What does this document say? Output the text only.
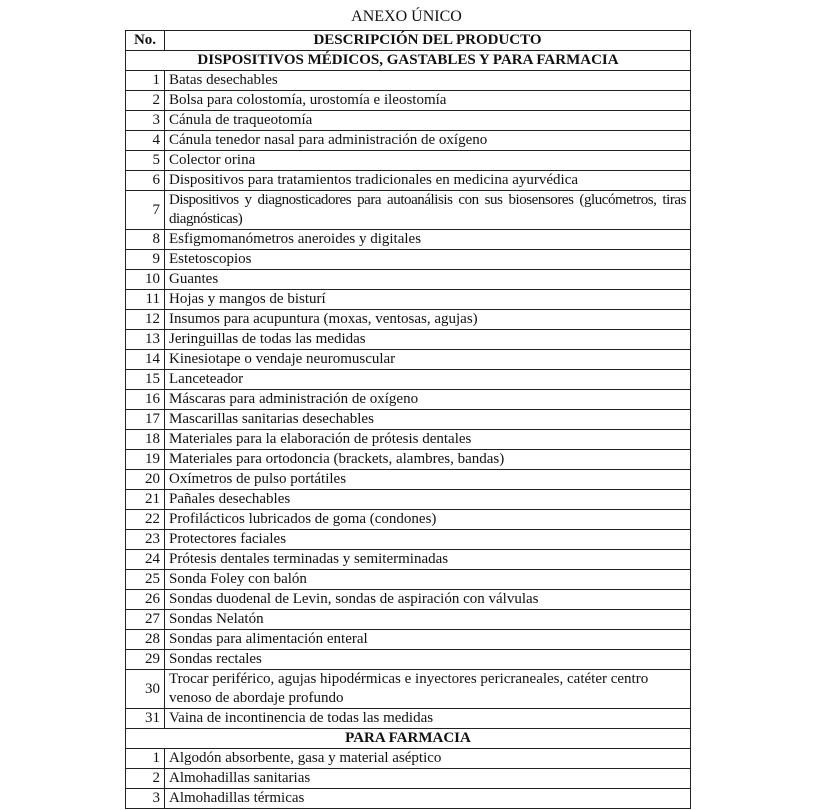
ANEXO ÚNICO
No.	DESCRIPCIÓN DEL PRODUCTO
DISPOSITIVOS MÉDICOS, GASTABLES Y PARA FARMACIA	
1	Batas desechables
2	Bolsa para colostomía, urostomía e ileostomía
3	Cánula de traqueotomía
4	Cánula tenedor nasal para administración de oxígeno
5	Colector orina
6	Dispositivos para tratamientos tradicionales en medicina ayurvédica
7	Dispositivos y diagnosticadores para autoanálisis con sus biosensores (glucómetros, tiras diagnósticas)
8	Esfigmomanómetros aneroides y digitales
9	Estetoscopios
10	Guantes
11	Hojas y mangos de bisturí
12	Insumos para acupuntura (moxas, ventosas, agujas)
13	Jeringuillas de todas las medidas
14	Kinesiotape o vendaje neuromuscular
15	Lanceteador
16	Máscaras para administración de oxígeno
17	Mascarillas sanitarias desechables
18	Materiales para la elaboración de prótesis dentales
19	Materiales para ortodoncia (brackets, alambres, bandas)
20	Oxímetros de pulso portátiles
21	Pañales desechables
22	Profilácticos lubricados de goma (condones)
23	Protectores faciales
24	Prótesis dentales terminadas y semiterminadas
25	Sonda Foley con balón
26	Sondas duodenal de Levin, sondas de aspiración con válvulas
27	Sondas Nelatón
28	Sondas para alimentación enteral
29	Sondas rectales
30	Trocar periférico, agujas hipodérmicas e inyectores pericraneales, catéter centro venoso de abordaje profundo
31	Vaina de incontinencia de todas las medidas
PARA FARMACIA	
1	Algodón absorbente, gasa y material aséptico
2	Almohadillas sanitarias
3	Almohadillas térmicas
